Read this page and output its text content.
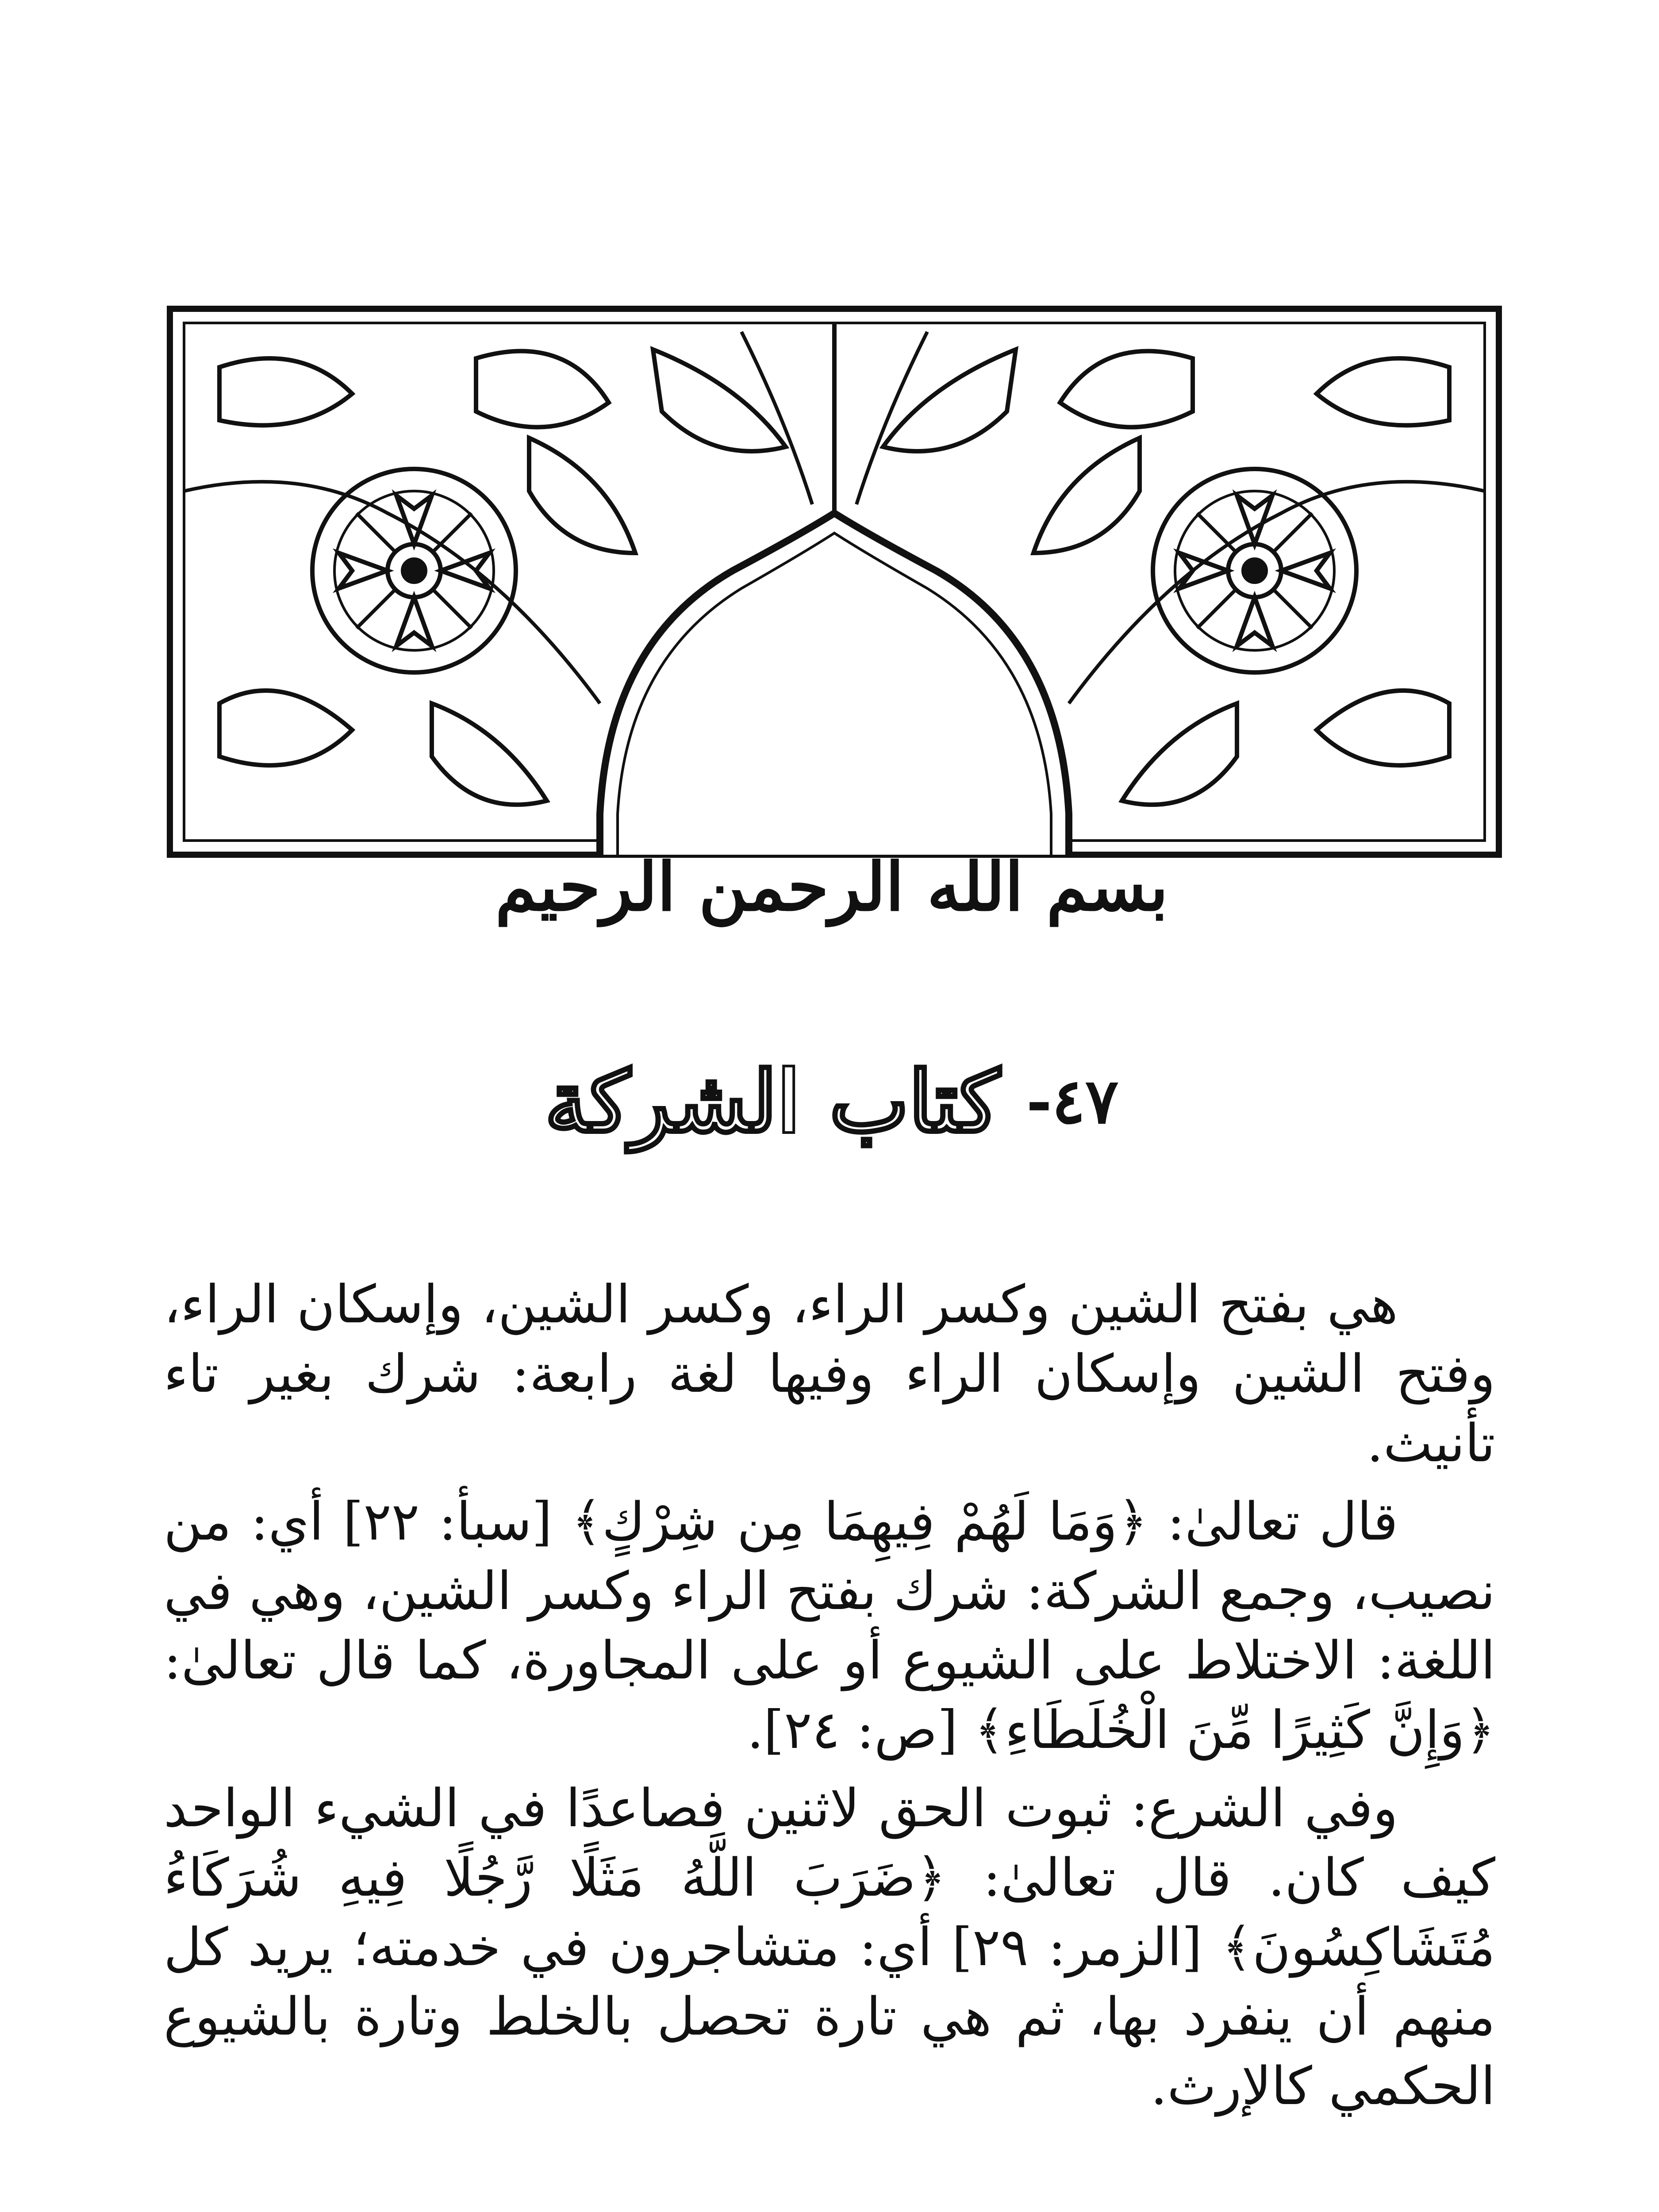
بسم الله الرحمن الرحيم
٤٧-
كتاب الشركة

هي بفتح الشين وكسر الراء، وكسر الشين، وإسكان الراء، وفتح الشين وإسكان الراء وفيها لغة رابعة: شرك بغير تاء تأنيث.

قال تعالىٰ: ﴿وَمَا لَهُمْ فِيهِمَا مِن شِرْكٍ﴾ [سبأ: ٢٢] أي: من نصيب، وجمع الشركة: شرك بفتح الراء وكسر الشين، وهي في اللغة: الاختلاط على الشيوع أو على المجاورة، كما قال تعالىٰ: ﴿وَإِنَّ كَثِيرًا مِّنَ الْخُلَطَاءِ﴾ [ص: ٢٤].

وفي الشرع: ثبوت الحق لاثنين فصاعدًا في الشيء الواحد كيف كان. قال تعالىٰ: ﴿ضَرَبَ اللَّهُ مَثَلًا رَّجُلًا فِيهِ شُرَكَاءُ مُتَشَاكِسُونَ﴾ [الزمر: ٢٩] أي: متشاجرون في خدمته؛ يريد كل منهم أن ينفرد بها، ثم هي تارة تحصل بالخلط وتارة بالشيوع الحكمي كالإرث.
